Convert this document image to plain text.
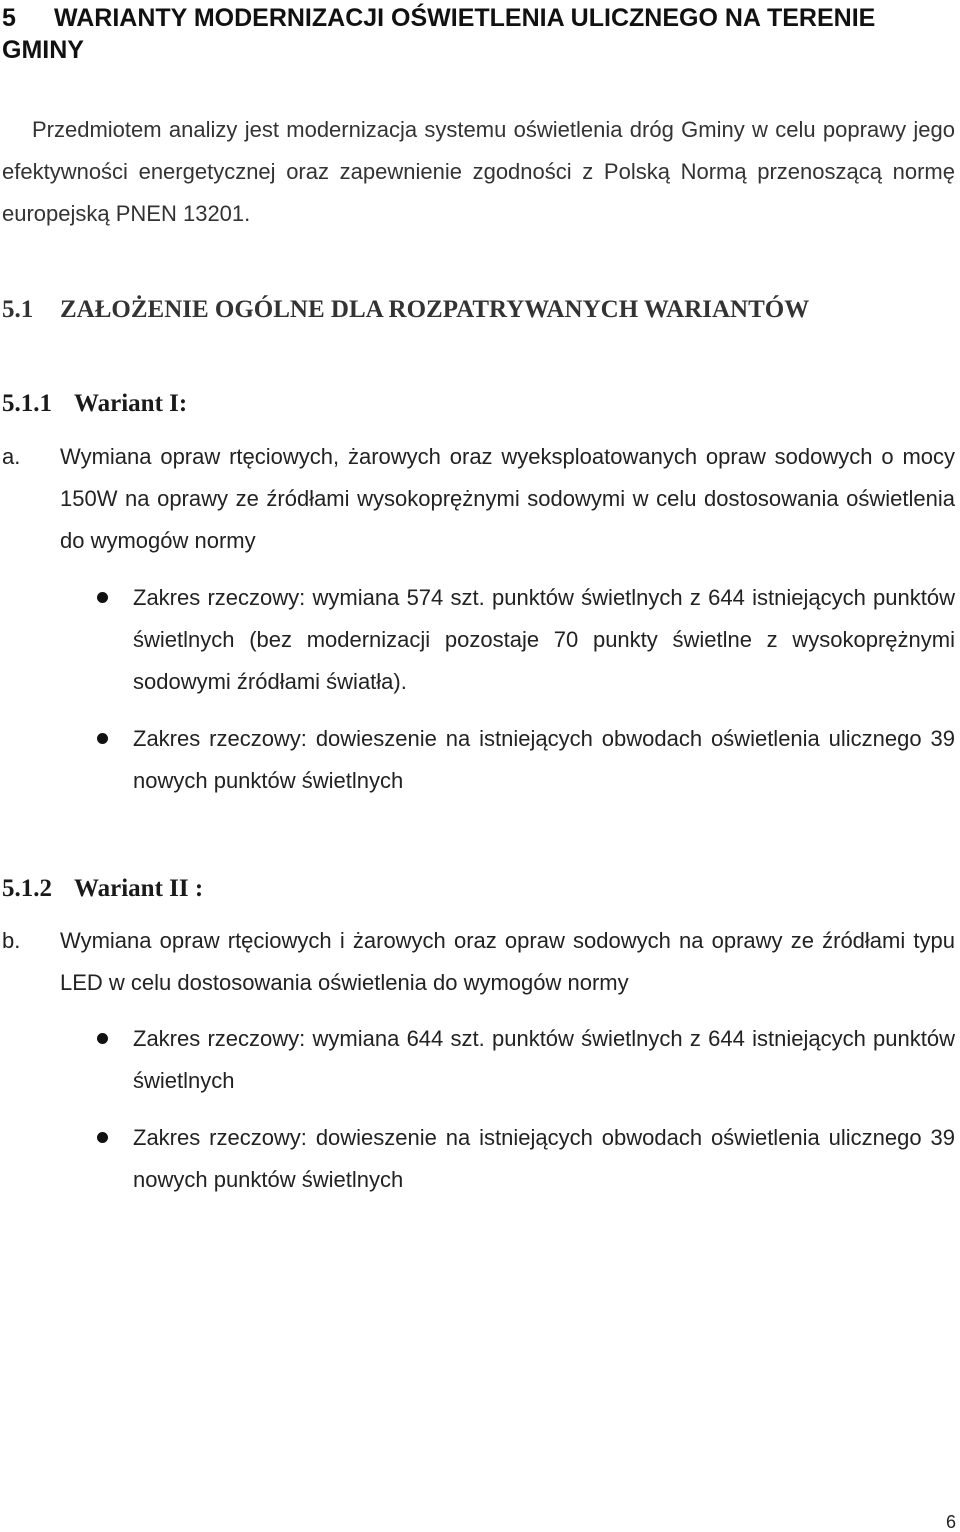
5 WARIANTY MODERNIZACJI OŚWIETLENIA ULICZNEGO NA TERENIE GMINY

Przedmiotem analizy jest modernizacja systemu oświetlenia dróg Gminy w celu poprawy jego efektywności energetycznej oraz zapewnienie zgodności z Polską Normą przenoszącą normę europejską PNEN 13201.

5.1 ZAŁOŻENIE OGÓLNE DLA ROZPATRYWANYCH WARIANTÓW
5.1.1 Wariant I:
a.	Wymiana opraw rtęciowych, żarowych oraz wyeksploatowanych opraw sodowych o mocy 150W na oprawy ze źródłami wysokoprężnymi sodowymi w celu dostosowania oświetlenia do wymogów normy
Zakres rzeczowy: wymiana 574 szt. punktów świetlnych z 644 istniejących punktów świetlnych (bez modernizacji pozostaje 70 punkty świetlne z wysokoprężnymi sodowymi źródłami światła).
Zakres rzeczowy: dowieszenie na istniejących obwodach oświetlenia ulicznego 39 nowych punktów świetlnych
5.1.2 Wariant II :
b.	Wymiana opraw rtęciowych i żarowych oraz opraw sodowych na oprawy ze źródłami typu LED w celu dostosowania oświetlenia do wymogów normy
Zakres rzeczowy: wymiana 644 szt. punktów świetlnych z 644 istniejących punktów świetlnych
Zakres rzeczowy: dowieszenie na istniejących obwodach oświetlenia ulicznego 39 nowych punktów świetlnych
6
